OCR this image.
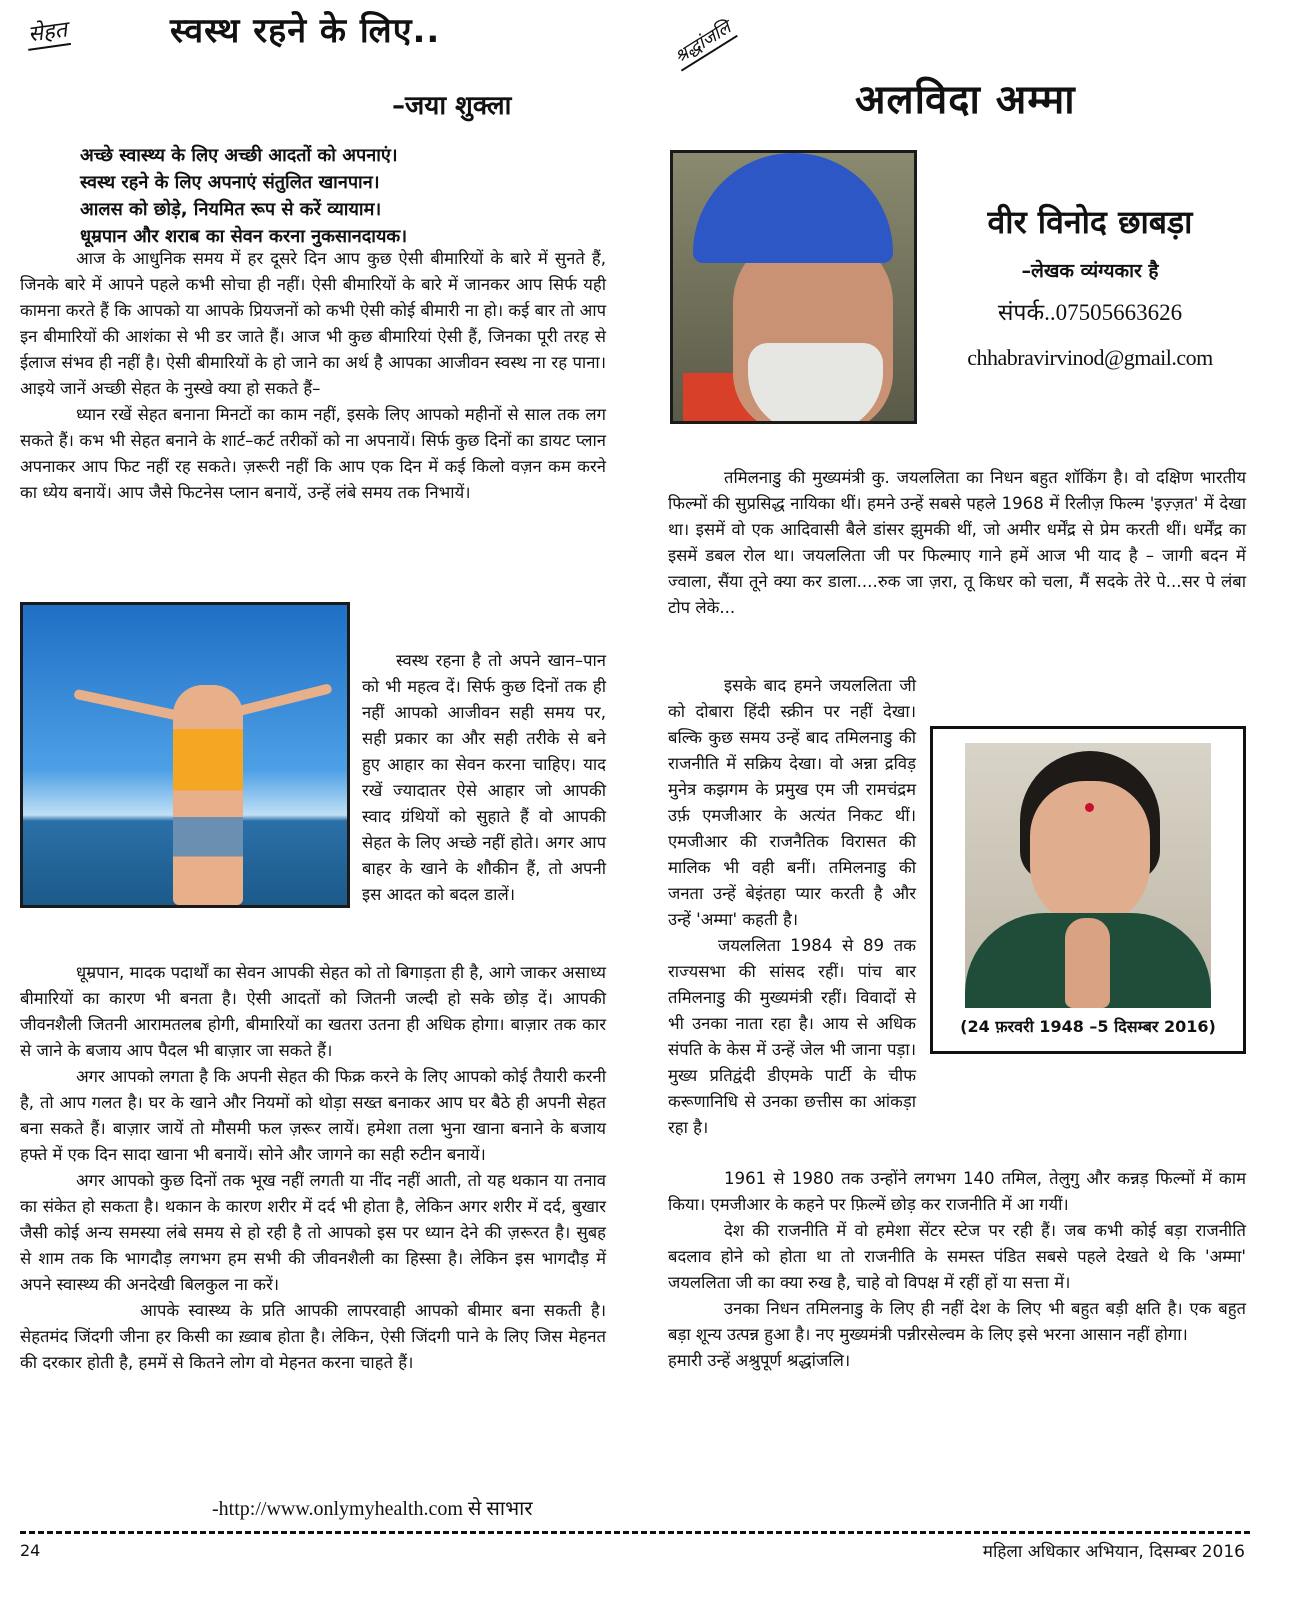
सेहत	स्वस्थ रहने के लिए..
–जया शुक्ला
अच्छे स्वास्थ्य के लिए अच्छी आदतों को अपनाएं।
स्वस्थ रहने के लिए अपनाएं संतुलित खानपान।
आलस को छोड़े, नियमित रूप से करें व्यायाम।
धूम्रपान और शराब का सेवन करना नुकसानदायक।

आज के आधुनिक समय में हर दूसरे दिन आप कुछ ऐसी बीमारियों के बारे में सुनते हैं, जिनके बारे में आपने पहले कभी सोचा ही नहीं। ऐसी बीमारियों के बारे में जानकर आप सिर्फ यही कामना करते हैं कि आपको या आपके प्रियजनों को कभी ऐसी कोई बीमारी ना हो। कई बार तो आप इन बीमारियों की आशंका से भी डर जाते हैं। आज भी कुछ बीमारियां ऐसी हैं, जिनका पूरी तरह से ईलाज संभव ही नहीं है। ऐसी बीमारियों के हो जाने का अर्थ है आपका आजीवन स्वस्थ ना रह पाना। आइये जानें अच्छी सेहत के नुस्खे क्या हो सकते हैं–

ध्यान रखें सेहत बनाना मिनटों का काम नहीं, इसके लिए आपको महीनों से साल तक लग सकते हैं। कभ भी सेहत बनाने के शार्ट–कर्ट तरीकों को ना अपनायें। सिर्फ कुछ दिनों का डायट प्लान अपनाकर आप फिट नहीं रह सकते। ज़रूरी नहीं कि आप एक दिन में कई किलो वज़न कम करने का ध्येय बनायें। आप जैसे फिटनेस प्लान बनायें, उन्हें लंबे समय तक निभायें।

स्वस्थ रहना है तो अपने खान–पान को भी महत्व दें। सिर्फ कुछ दिनों तक ही नहीं आपको आजीवन सही समय पर, सही प्रकार का और सही तरीके से बने हुए आहार का सेवन करना चाहिए। याद रखें ज्यादातर ऐसे आहार जो आपकी स्वाद ग्रंथियों को सुहाते हैं वो आपकी सेहत के लिए अच्छे नहीं होते। अगर आप बाहर के खाने के शौकीन हैं, तो अपनी इस आदत को बदल डालें।

धूम्रपान, मादक पदार्थों का सेवन आपकी सेहत को तो बिगाड़ता ही है, आगे जाकर असाध्य बीमारियों का कारण भी बनता है। ऐसी आदतों को जितनी जल्दी हो सके छोड़ दें। आपकी जीवनशैली जितनी आरामतलब होगी, बीमारियों का खतरा उतना ही अधिक होगा। बाज़ार तक कार से जाने के बजाय आप पैदल भी बाज़ार जा सकते हैं।

अगर आपको लगता है कि अपनी सेहत की फिक्र करने के लिए आपको कोई तैयारी करनी है, तो आप गलत है। घर के खाने और नियमों को थोड़ा सख्त बनाकर आप घर बैठे ही अपनी सेहत बना सकते हैं। बाज़ार जायें तो मौसमी फल ज़रूर लायें। हमेशा तला भुना खाना बनाने के बजाय हफ्ते में एक दिन सादा खाना भी बनायें। सोने और जागने का सही रुटीन बनायें।

अगर आपको कुछ दिनों तक भूख नहीं लगती या नींद नहीं आती, तो यह थकान या तनाव का संकेत हो सकता है। थकान के कारण शरीर में दर्द भी होता है, लेकिन अगर शरीर में दर्द, बुखार जैसी कोई अन्य समस्या लंबे समय से हो रही है तो आपको इस पर ध्यान देने की ज़रूरत है। सुबह से शाम तक कि भागदौड़ लगभग हम सभी की जीवनशैली का हिस्सा है। लेकिन इस भागदौड़ में अपने स्वास्थ्य की अनदेखी बिलकुल ना करें।

आपके स्वास्थ्य के प्रति आपकी लापरवाही आपको बीमार बना सकती है। सेहतमंद जिंदगी जीना हर किसी का ख़्वाब होता है। लेकिन, ऐसी जिंदगी पाने के लिए जिस मेहनत की दरकार होती है, हममें से कितने लोग वो मेहनत करना चाहते हैं।

-http://www.onlymyhealth.com से साभार
श्रद्धांजलि
अलविदा अम्मा
वीर विनोद छाबड़ा
–लेखक व्यंग्यकार है
संपर्क..07505663626
chhabravirvinod@gmail.com

तमिलनाडु की मुख्यमंत्री कु. जयललिता का निधन बहुत शॉकिंग है। वो दक्षिण भारतीय फिल्मों की सुप्रसिद्ध नायिका थीं। हमने उन्हें सबसे पहले 1968 में रिलीज़ फिल्म 'इज़्ज़त' में देखा था। इसमें वो एक आदिवासी बैले डांसर झुमकी थीं, जो अमीर धर्मेंद्र से प्रेम करती थीं। धर्मेंद्र का इसमें डबल रोल था। जयललिता जी पर फिल्माए गाने हमें आज भी याद है – जागी बदन में ज्वाला, सैंया तूने क्या कर डाला....रुक जा ज़रा, तू किधर को चला, मैं सदके तेरे पे...सर पे लंबा टोप लेके...

(24 फ़रवरी 1948 –5 दिसम्बर 2016)

इसके बाद हमने जयललिता जी को दोबारा हिंदी स्क्रीन पर नहीं देखा। बल्कि कुछ समय उन्हें बाद तमिलनाडु की राजनीति में सक्रिय देखा। वो अन्ना द्रविड़ मुनेत्र कझगम के प्रमुख एम जी रामचंद्रम उर्फ़ एमजीआर के अत्यंत निकट थीं। एमजीआर की राजनैतिक विरासत की मालिक भी वही बनीं। तमिलनाडु की जनता उन्हें बेइंतहा प्यार करती है और उन्हें 'अम्मा' कहती है।

जयललिता 1984 से 89 तक राज्यसभा की सांसद रहीं। पांच बार तमिलनाडु की मुख्यमंत्री रहीं। विवादों से भी उनका नाता रहा है। आय से अधिक संपति के केस में उन्हें जेल भी जाना पड़ा। मुख्य प्रतिद्वंदी डीएमके पार्टी के चीफ करूणानिधि से उनका छत्तीस का आंकड़ा रहा है।

1961 से 1980 तक उन्होंने लगभग 140 तमिल, तेलुगु और कन्नड़ फिल्मों में काम किया। एमजीआर के कहने पर फ़िल्में छोड़ कर राजनीति में आ गयीं।

देश की राजनीति में वो हमेशा सेंटर स्टेज पर रही हैं। जब कभी कोई बड़ा राजनीति बदलाव होने को होता था तो राजनीति के समस्त पंडित सबसे पहले देखते थे कि 'अम्मा' जयललिता जी का क्या रुख है, चाहे वो विपक्ष में रहीं हों या सत्ता में।

उनका निधन तमिलनाडु के लिए ही नहीं देश के लिए भी बहुत बड़ी क्षति है। एक बहुत बड़ा शून्य उत्पन्न हुआ है। नए मुख्यमंत्री पन्नीरसेल्वम के लिए इसे भरना आसान नहीं होगा।

हमारी उन्हें अश्रुपूर्ण श्रद्धांजलि।

24	महिला अधिकार अभियान, दिसम्बर 2016
